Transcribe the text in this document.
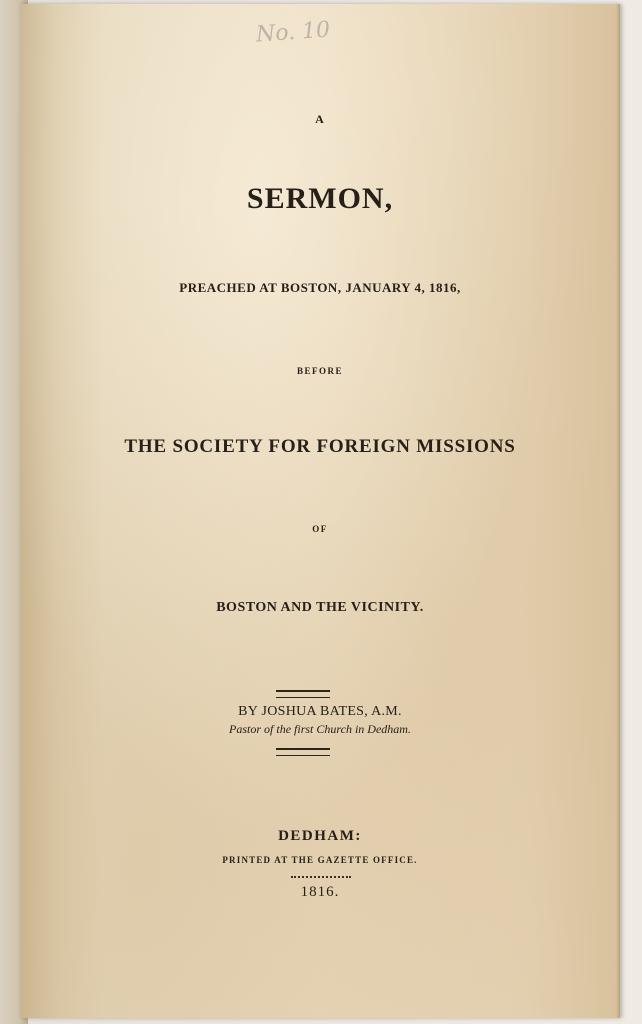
No. 10
A
SERMON,
PREACHED AT BOSTON, JANUARY 4, 1816,
BEFORE
THE SOCIETY FOR FOREIGN MISSIONS
OF
BOSTON AND THE VICINITY.
BY JOSHUA BATES, A.M.
Pastor of the first Church in Dedham.
DEDHAM:
PRINTED AT THE GAZETTE OFFICE.
1816.
